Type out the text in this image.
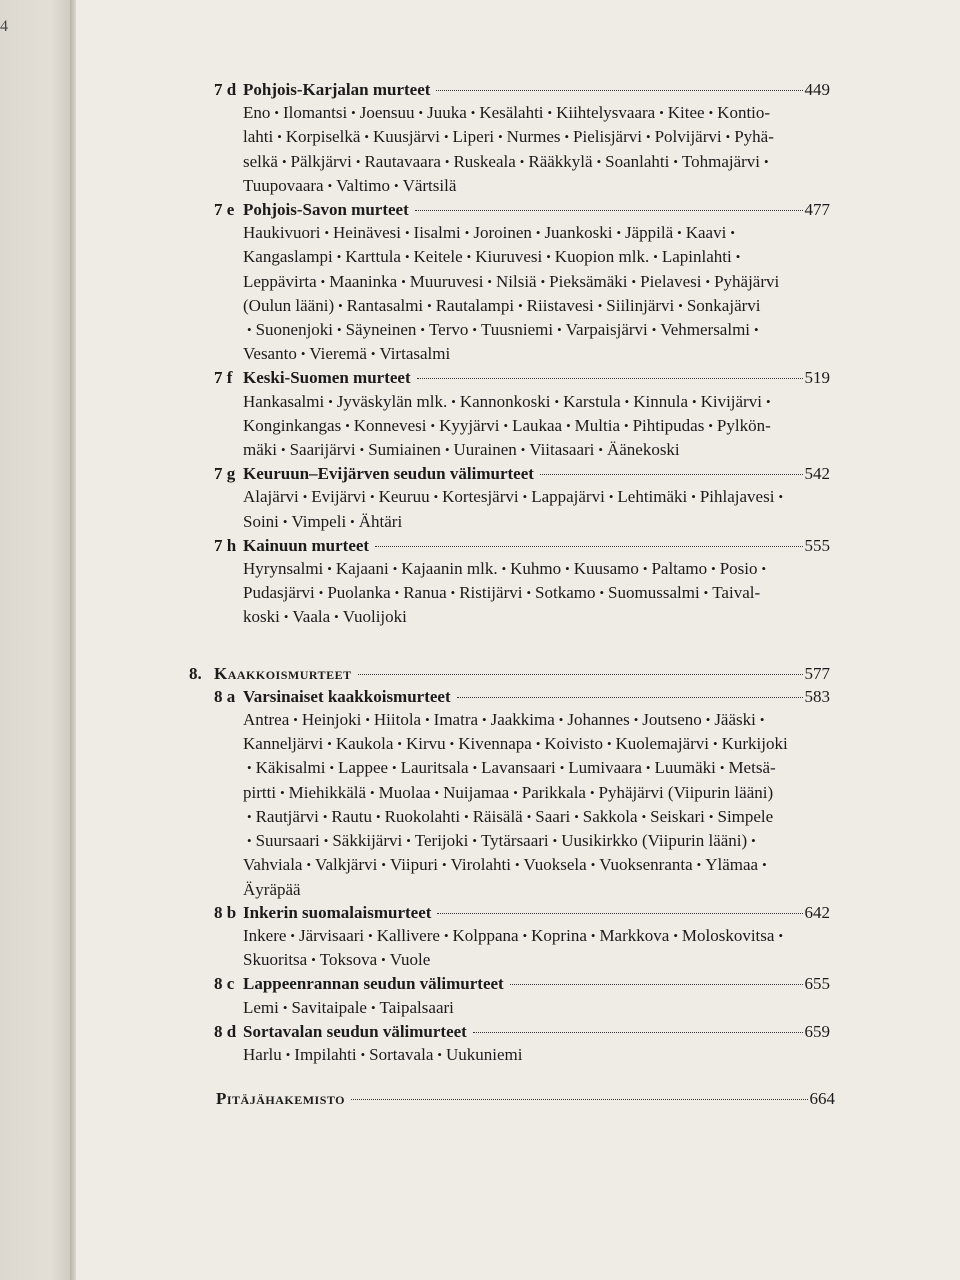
4
7 d Pohjois-Karjalan murteet	449
Eno • Ilomantsi • Joensuu • Juuka • Kesälahti • Kiihtelysvaara • Kitee • Kontio-
lahti • Korpiselkä • Kuusjärvi • Liperi • Nurmes • Pielisjärvi • Polvijärvi • Pyhä-
selkä • Pälkjärvi • Rautavaara • Ruskeala • Rääkkylä • Soanlahti • Tohmajärvi •
Tuupovaara • Valtimo • Värtsilä
7 e Pohjois-Savon murteet	477
Haukivuori • Heinävesi • Iisalmi • Joroinen • Juankoski • Jäppilä • Kaavi •
Kangaslampi • Karttula • Keitele • Kiuruvesi • Kuopion mlk. • Lapinlahti •
Leppävirta • Maaninka • Muuruvesi • Nilsiä • Pieksämäki • Pielavesi • Pyhäjärvi
(Oulun lääni) • Rantasalmi • Rautalampi • Riistavesi • Siilinjärvi • Sonkajärvi
• Suonenjoki • Säyneinen • Tervo • Tuusniemi • Varpaisjärvi • Vehmersalmi •
Vesanto • Vieremä • Virtasalmi
7 f Keski-Suomen murteet	519
Hankasalmi • Jyväskylän mlk. • Kannonkoski • Karstula • Kinnula • Kivijärvi •
Konginkangas • Konnevesi • Kyyjärvi • Laukaa • Multia • Pihtipudas • Pylkön-
mäki • Saarijärvi • Sumiainen • Uurainen • Viitasaari • Äänekoski
7 g Keuruun–Evijärven seudun välimurteet	542
Alajärvi • Evijärvi • Keuruu • Kortesjärvi • Lappajärvi • Lehtimäki • Pihlajavesi •
Soini • Vimpeli • Ähtäri
7 h Kainuun murteet	555
Hyrynsalmi • Kajaani • Kajaanin mlk. • Kuhmo • Kuusamo • Paltamo • Posio •
Pudasjärvi • Puolanka • Ranua • Ristijärvi • Sotkamo • Suomussalmi • Taival-
koski • Vaala • Vuolijoki
8. Kaakkoismurteet	577
8 a Varsinaiset kaakkoismurteet	583
Antrea • Heinjoki • Hiitola • Imatra • Jaakkima • Johannes • Joutseno • Jääski •
Kanneljärvi • Kaukola • Kirvu • Kivennapa • Koivisto • Kuolemajärvi • Kurkijoki
• Käkisalmi • Lappee • Lauritsala • Lavansaari • Lumivaara • Luumäki • Metsä-
pirtti • Miehikkälä • Muolaa • Nuijamaa • Parikkala • Pyhäjärvi (Viipurin lääni)
• Rautjärvi • Rautu • Ruokolahti • Räisälä • Saari • Sakkola • Seiskari • Simpele
• Suursaari • Säkkijärvi • Terijoki • Tytärsaari • Uusikirkko (Viipurin lääni) •
Vahviala • Valkjärvi • Viipuri • Virolahti • Vuoksela • Vuoksenranta • Ylämaa •
Äyräpää
8 b Inkerin suomalaismurteet	642
Inkere • Järvisaari • Kallivere • Kolppana • Koprina • Markkova • Moloskovitsa •
Skuoritsa • Toksova • Vuole
8 c Lappeenrannan seudun välimurteet	655
Lemi • Savitaipale • Taipalsaari
8 d Sortavalan seudun välimurteet	659
Harlu • Impilahti • Sortavala • Uukuniemi
Pitäjähakemisto	664
